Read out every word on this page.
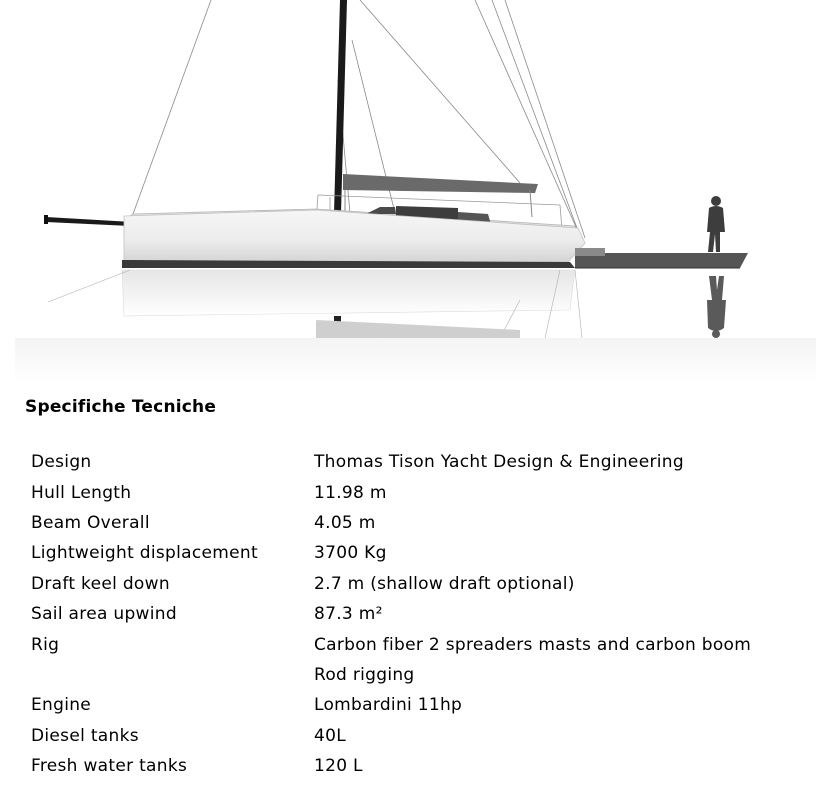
Specifiche Tecniche
Design	Thomas Tison Yacht Design & Engineering
Hull Length	11.98 m
Beam Overall	4.05 m
Lightweight displacement	3700 Kg
Draft keel down	2.7 m (shallow draft optional)
Sail area upwind	87.3 m²
Rig	Carbon fiber 2 spreaders masts and carbon boom
	Rod rigging
Engine	Lombardini 11hp
Diesel tanks	40L
Fresh water tanks	120 L
